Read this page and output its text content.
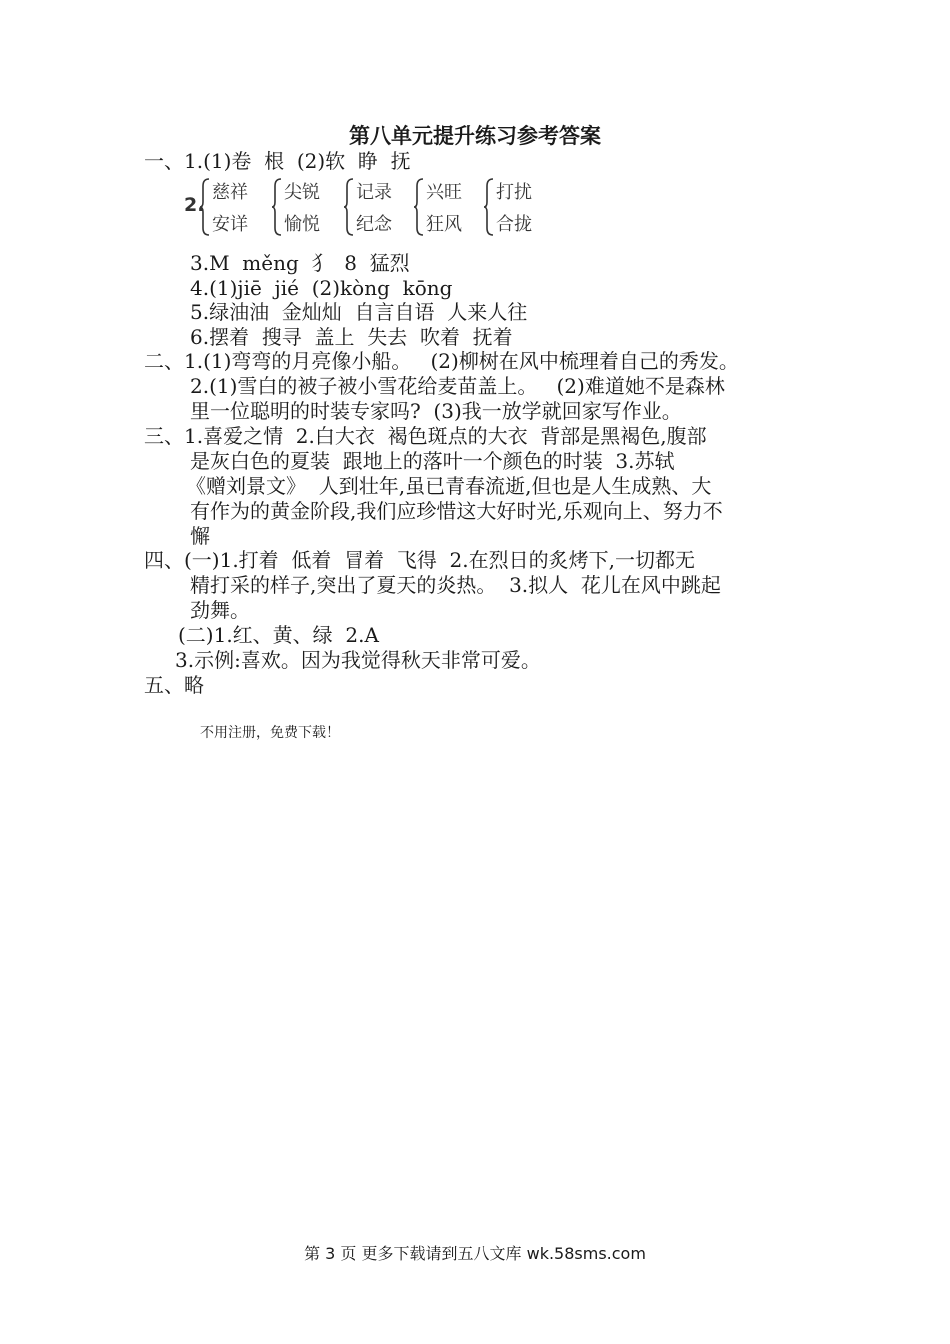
第八单元提升练习参考答案
一、1.(1)卷  根  (2)软  睁  抚
2.
慈祥
安详
尖锐
愉悦
记录
纪念
兴旺
狂风
打扰
合拢
3.M  měng  犭  8  猛烈
4.(1)jiē  jié  (2)kòng  kōng
5.绿油油  金灿灿  自言自语  人来人往
6.摆着  搜寻  盖上  失去  吹着  抚着
二、1.(1)弯弯的月亮像小船。   (2)柳树在风中梳理着自己的秀发。
2.(1)雪白的被子被小雪花给麦苗盖上。   (2)难道她不是森林
里一位聪明的时装专家吗?  (3)我一放学就回家写作业。
三、1.喜爱之情  2.白大衣  褐色斑点的大衣  背部是黑褐色,腹部
是灰白色的夏装  跟地上的落叶一个颜色的时装  3.苏轼
《赠刘景文》  人到壮年,虽已青春流逝,但也是人生成熟、大
有作为的黄金阶段,我们应珍惜这大好时光,乐观向上、努力不
懈
四、(一)1.打着  低着  冒着  飞得  2.在烈日的炙烤下,一切都无
精打采的样子,突出了夏天的炎热。  3.拟人  花儿在风中跳起
劲舞。
(二)1.红、黄、绿  2.A
3.示例:喜欢。因为我觉得秋天非常可爱。
五、略
不用注册，免费下载！
第 3 页 更多下载请到五八文库 wk.58sms.com
